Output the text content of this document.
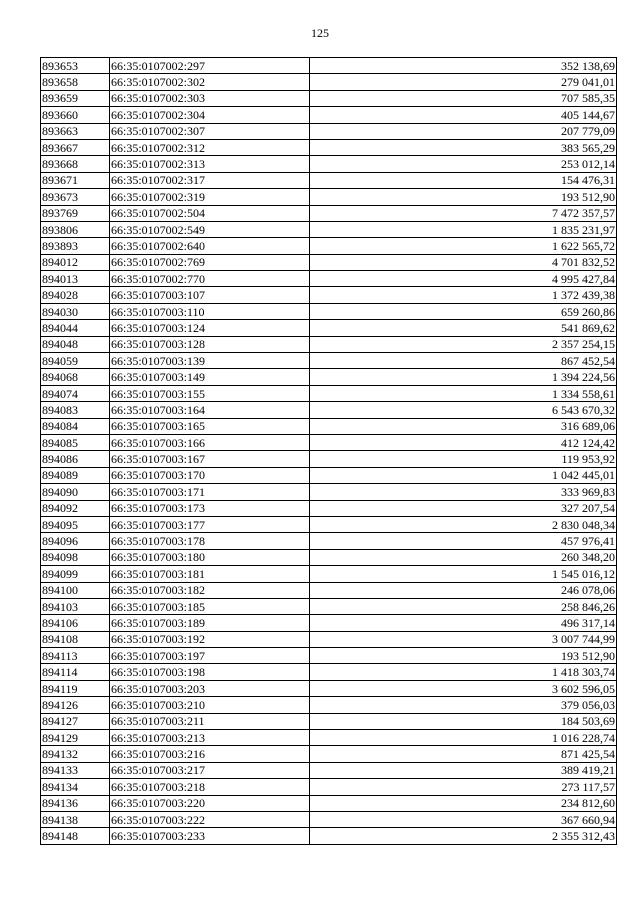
125
893653	66:35:0107002:297	352 138,69
893658	66:35:0107002:302	279 041,01
893659	66:35:0107002:303	707 585,35
893660	66:35:0107002:304	405 144,67
893663	66:35:0107002:307	207 779,09
893667	66:35:0107002:312	383 565,29
893668	66:35:0107002:313	253 012,14
893671	66:35:0107002:317	154 476,31
893673	66:35:0107002:319	193 512,90
893769	66:35:0107002:504	7 472 357,57
893806	66:35:0107002:549	1 835 231,97
893893	66:35:0107002:640	1 622 565,72
894012	66:35:0107002:769	4 701 832,52
894013	66:35:0107002:770	4 995 427,84
894028	66:35:0107003:107	1 372 439,38
894030	66:35:0107003:110	659 260,86
894044	66:35:0107003:124	541 869,62
894048	66:35:0107003:128	2 357 254,15
894059	66:35:0107003:139	867 452,54
894068	66:35:0107003:149	1 394 224,56
894074	66:35:0107003:155	1 334 558,61
894083	66:35:0107003:164	6 543 670,32
894084	66:35:0107003:165	316 689,06
894085	66:35:0107003:166	412 124,42
894086	66:35:0107003:167	119 953,92
894089	66:35:0107003:170	1 042 445,01
894090	66:35:0107003:171	333 969,83
894092	66:35:0107003:173	327 207,54
894095	66:35:0107003:177	2 830 048,34
894096	66:35:0107003:178	457 976,41
894098	66:35:0107003:180	260 348,20
894099	66:35:0107003:181	1 545 016,12
894100	66:35:0107003:182	246 078,06
894103	66:35:0107003:185	258 846,26
894106	66:35:0107003:189	496 317,14
894108	66:35:0107003:192	3 007 744,99
894113	66:35:0107003:197	193 512,90
894114	66:35:0107003:198	1 418 303,74
894119	66:35:0107003:203	3 602 596,05
894126	66:35:0107003:210	379 056,03
894127	66:35:0107003:211	184 503,69
894129	66:35:0107003:213	1 016 228,74
894132	66:35:0107003:216	871 425,54
894133	66:35:0107003:217	389 419,21
894134	66:35:0107003:218	273 117,57
894136	66:35:0107003:220	234 812,60
894138	66:35:0107003:222	367 660,94
894148	66:35:0107003:233	2 355 312,43
